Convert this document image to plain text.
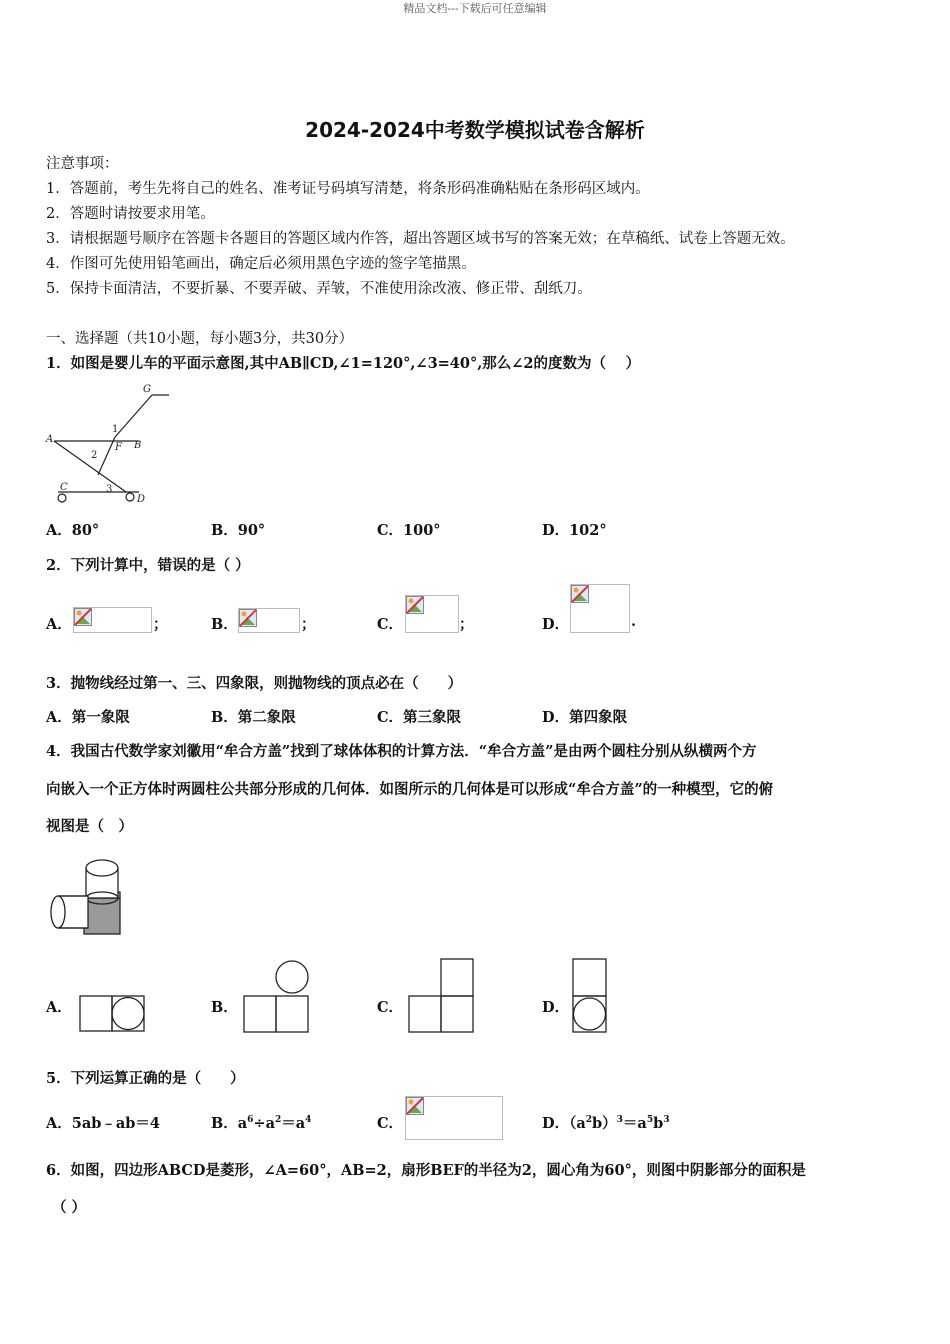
精品文档---下载后可任意编辑
2024-2024中考数学模拟试卷含解析
注意事项：
1．答题前，考生先将自己的姓名、准考证号码填写清楚，将条形码准确粘贴在条形码区域内。
2．答题时请按要求用笔。
3．请根据题号顺序在答题卡各题目的答题区域内作答，超出答题区域书写的答案无效；在草稿纸、试卷上答题无效。
4．作图可先使用铅笔画出，确定后必须用黑色字迹的签字笔描黑。
5．保持卡面清洁，不要折暴、不要弄破、弄皱，不准使用涂改液、修正带、刮纸刀。
一、选择题（共10小题，每小题3分，共30分）
1．如图是婴儿车的平面示意图,其中AB∥CD,∠1=120°,∠3=40°,那么∠2的度数为（　 ）
G
A
B
F
C
D
1
2
3
A．80°	B．90°	C．100°	D．102°
2．下列计算中，错误的是（ ）
A．	；	B．	；	C．	；	D．	.
3．抛物线经过第一、三、四象限，则抛物线的顶点必在（　　）
A．第一象限	B．第二象限	C．第三象限	D．第四象限
4．我国古代数学家刘徽用“牟合方盖”找到了球体体积的计算方法．“牟合方盖”是由两个圆柱分别从纵横两个方
向嵌入一个正方体时两圆柱公共部分形成的几何体．如图所示的几何体是可以形成“牟合方盖”的一种模型，它的俯
视图是（　）
A．	B．	C．	D．
5．下列运算正确的是（　　）
A．5ab﹣ab＝4	B．$a^6\div a^2=a^4$	C．	D．$(a^2b)^3=a^5b^3$
6．如图，四边形ABCD是菱形，∠A=60°，AB=2，扇形BEF的半径为2，圆心角为60°，则图中阴影部分的面积是
（ ）
